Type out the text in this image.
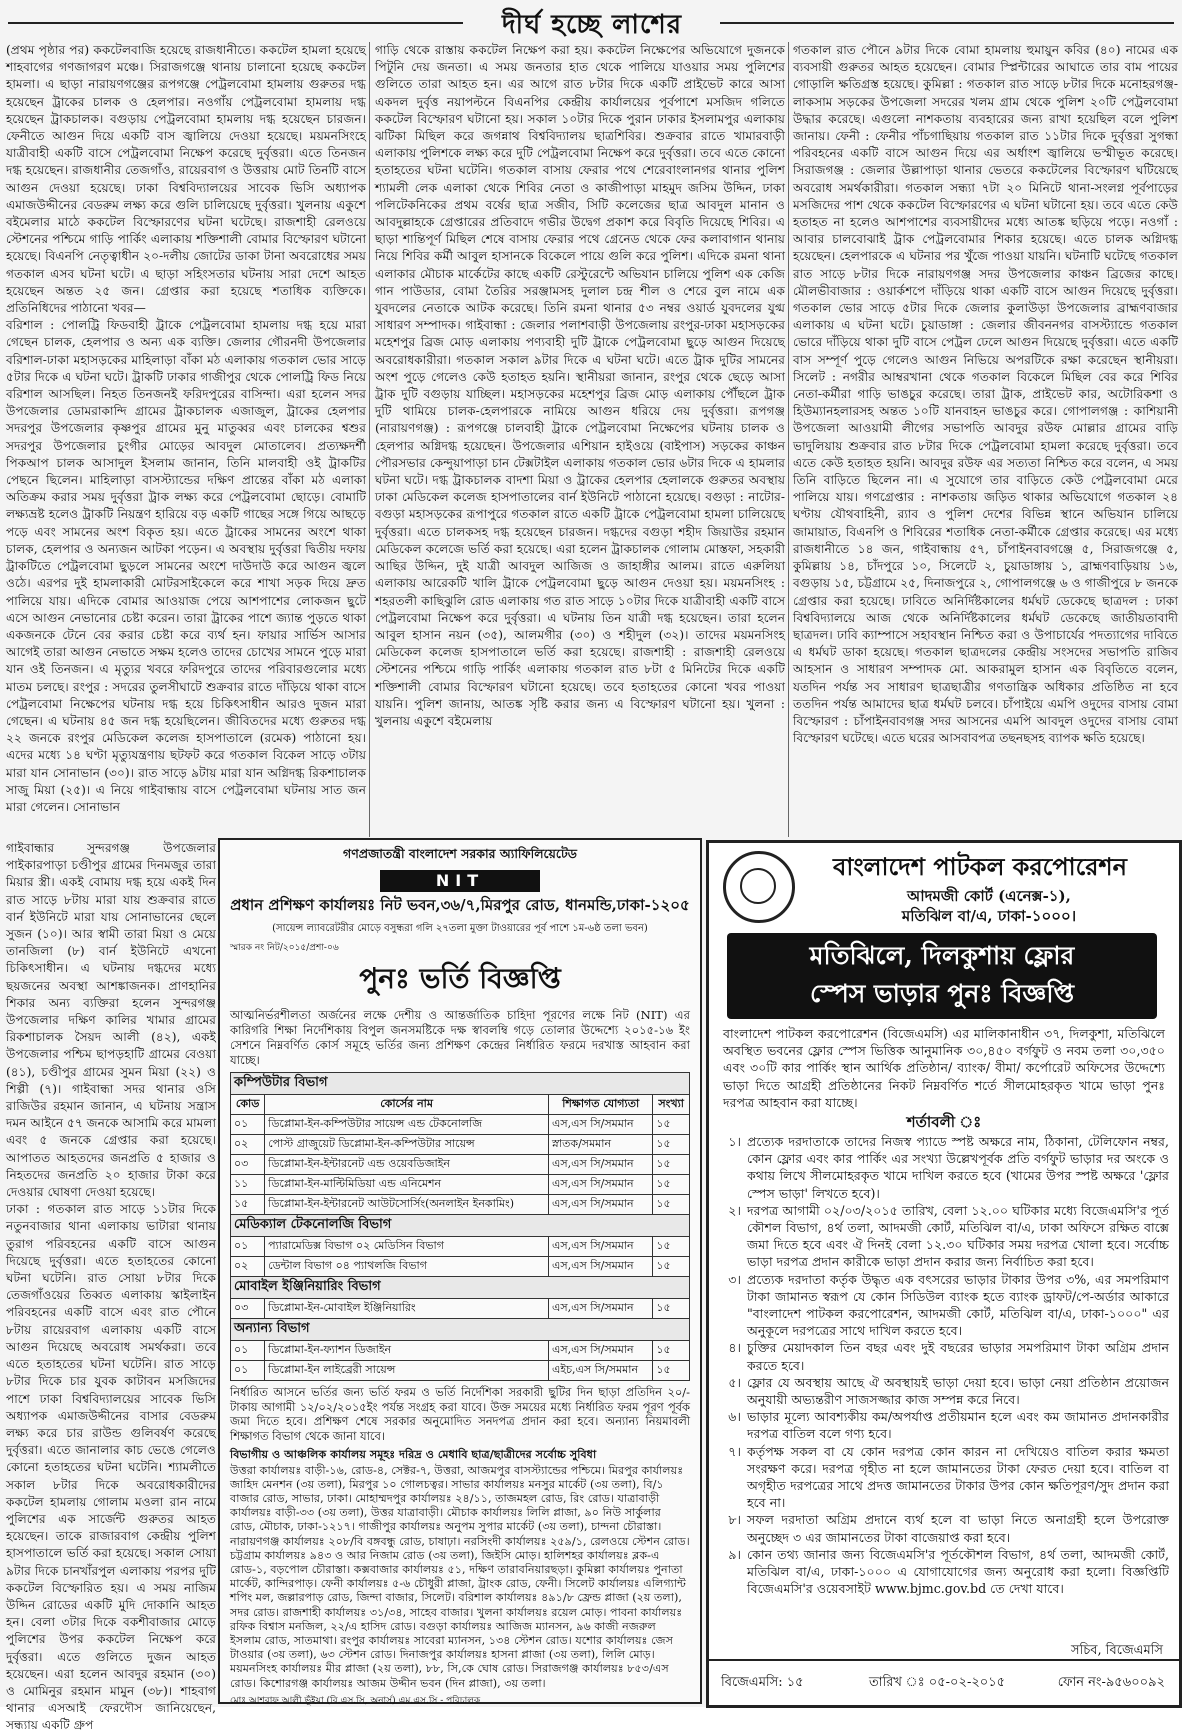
দীর্ঘ হচ্ছে লাশের

(প্রথম পৃষ্ঠার পর) ককটেলবাজি হয়েছে রাজধানীতে। ককটেল হামলা হয়েছে শাহবাগের গণজাগরণ মঞ্চে। সিরাজগঞ্জে থানায় চালানো হয়েছে ককটেল হামলা। এ ছাড়া নারায়ণগঞ্জের রূপগঞ্জে পেট্রলবোমা হামলায় গুরুতর দগ্ধ হয়েছেন ট্রাকের চালক ও হেলপার। নওগাঁয় পেট্রলবোমা হামলায় দগ্ধ হয়েছেন ট্রাকচালক। বগুড়ায় পেট্রলবোমা হামলায় দগ্ধ হয়েছেন চারজন। ফেনীতে আগুন দিয়ে একটি বাস জ্বালিয়ে দেওয়া হয়েছে। ময়মনসিংহে যাত্রীবাহী একটি বাসে পেট্রলবোমা নিক্ষেপ করেছে দুর্বৃত্তরা। এতে তিনজন দগ্ধ হয়েছেন। রাজধানীর তেজগাঁও, রায়েরবাগ ও উত্তরায় মোট তিনটি বাসে আগুন দেওয়া হয়েছে। ঢাকা বিশ্ববিদ্যালয়ের সাবেক ভিসি অধ্যাপক এমাজউদ্দীনের বেডরুম লক্ষ্য করে গুলি চালিয়েছে দুর্বৃত্তরা। খুলনায় একুশে বইমেলার মাঠে ককটেল বিস্ফোরণের ঘটনা ঘটেছে। রাজশাহী রেলওয়ে স্টেশনের পশ্চিমে গাড়ি পার্কিং এলাকায় শক্তিশালী বোমার বিস্ফোরণ ঘটানো হয়েছে। বিএনপি নেতৃত্বাধীন ২০-দলীয় জোটের ডাকা টানা অবরোধের সময় গতকাল এসব ঘটনা ঘটে। এ ছাড়া সহিংসতার ঘটনায় সারা দেশে আহত হয়েছেন অন্তত ২৫ জন। গ্রেপ্তার করা হয়েছে শতাধিক ব্যক্তিকে। প্রতিনিধিদের পাঠানো খবর—

বরিশাল : পোলট্রি ফিডবাহী ট্রাকে পেট্রলবোমা হামলায় দগ্ধ হয়ে মারা গেছেন চালক, হেলপার ও অন্য এক ব্যক্তি। জেলার গৌরনদী উপজেলার বরিশাল-ঢাকা মহাসড়কের মাহিলাড়া বাঁকা মঠ এলাকায় গতকাল ভোর সাড়ে ৫টার দিকে এ ঘটনা ঘটে। ট্রাকটি ঢাকার গাজীপুর থেকে পোলট্রি ফিড নিয়ে বরিশাল আসছিল। নিহত তিনজনই ফরিদপুরের বাসিন্দা। এরা হলেন সদর উপজেলার ডোমরাকান্দি গ্রামের ট্রাকচালক এজাজুল, ট্রাকের হেলপার সদরপুর উপজেলার কৃষ্ণপুর গ্রামের মুনু মাতুব্বর এবং চালকের শ্বশুর সদরপুর উপজেলার চুংগীর মোড়ের আবদুল মোতালেব। প্রত্যক্ষদর্শী পিকআপ চালক আসাদুল ইসলাম জানান, তিনি মালবাহী ওই ট্রাকটির পেছনে ছিলেন। মাহিলাড়া বাসস্ট্যান্ডের দক্ষিণ প্রান্তের বাঁকা মঠ এলাকা অতিক্রম করার সময় দুর্বৃত্তরা ট্রাক লক্ষ্য করে পেট্রলবোমা ছোড়ে। বোমাটি লক্ষ্যভ্রষ্ট হলেও ট্রাকটি নিয়ন্ত্রণ হারিয়ে বড় একটি গাছের সঙ্গে গিয়ে আছড়ে পড়ে এবং সামনের অংশ বিকৃত হয়। এতে ট্রাকের সামনের অংশে থাকা চালক, হেলপার ও অন্যজন আটকা পড়েন। এ অবস্থায় দুর্বৃত্তরা দ্বিতীয় দফায় ট্রাকটিতে পেট্রলবোমা ছুড়লে সামনের অংশে দাউদাউ করে আগুন জ্বলে ওঠে। এরপর দুই হামলাকারী মোটরসাইকেলে করে শাখা সড়ক দিয়ে দ্রুত পালিয়ে যায়। এদিকে বোমার আওয়াজ পেয়ে আশপাশের লোকজন ছুটে এসে আগুন নেভানোর চেষ্টা করেন। তারা ট্রাকের পাশে জ্যান্ত পুড়তে থাকা একজনকে টেনে বের করার চেষ্টা করে ব্যর্থ হন। ফায়ার সার্ভিস আসার আগেই তারা আগুন নেভাতে সক্ষম হলেও তাদের চোখের সামনে পুড়ে মারা যান ওই তিনজন। এ মৃত্যুর খবরে ফরিদপুরে তাদের পরিবারগুলোর মধ্যে মাতম চলছে। রংপুর : সদরের তুলসীঘাটে শুক্রবার রাতে দাঁড়িয়ে থাকা বাসে পেট্রলবোমা নিক্ষেপের ঘটনায় দগ্ধ হয়ে চিকিৎসাধীন আরও দুজন মারা গেছেন। এ ঘটনায় ৪৫ জন দগ্ধ হয়েছিলেন। জীবিতদের মধ্যে গুরুতর দগ্ধ ২২ জনকে রংপুর মেডিকেল কলেজ হাসপাতালে (রমেক) পাঠানো হয়। এদের মধ্যে ১৪ ঘণ্টা মৃত্যুযন্ত্রণায় ছটফট করে গতকাল বিকেল সাড়ে ৩টায় মারা যান সোনাভান (৩০)। রাত সাড়ে ৯টায় মারা যান অগ্নিদগ্ধ রিকশাচালক সাজু মিয়া (২৫)। এ নিয়ে গাইবান্ধায় বাসে পেট্রলবোমা ঘটনায় সাত জন মারা গেলেন। সোনাভান

গাড়ি থেকে রাস্তায় ককটেল নিক্ষেপ করা হয়। ককটেল নিক্ষেপের অভিযোগে দুজনকে পিটুনি দেয় জনতা। এ সময় জনতার হাত থেকে পালিয়ে যাওয়ার সময় পুলিশের গুলিতে তারা আহত হন। এর আগে রাত ৮টার দিকে একটি প্রাইভেট কারে আসা একদল দুর্বৃত্ত নয়াপল্টনে বিএনপির কেন্দ্রীয় কার্যালয়ের পূর্বপাশে মসজিদ গলিতে ককটেল বিস্ফোরণ ঘটানো হয়। সকাল ১০টার দিকে পুরান ঢাকার ইসলামপুর এলাকায় ঝটিকা মিছিল করে জগন্নাথ বিশ্ববিদ্যালয় ছাত্রশিবির। শুক্রবার রাতে খামারবাড়ী এলাকায় পুলিশকে লক্ষ্য করে দুটি পেট্রলবোমা নিক্ষেপ করে দুর্বৃত্তরা। তবে এতে কোনো হতাহতের ঘটনা ঘটেনি। গতকাল বাসায় ফেরার পথে শেরেবাংলানগর থানার পুলিশ শ্যামলী লেক এলাকা থেকে শিবির নেতা ও কাজীপাড়া মাহমুদ জসিম উদ্দিন, ঢাকা পলিটেকনিকের প্রথম বর্ষের ছাত্র সজীব, সিটি কলেজের ছাত্র আবদুল মানান ও আবদুল্লাহকে গ্রেপ্তারের প্রতিবাদে গভীর উদ্বেগ প্রকাশ করে বিবৃতি দিয়েছে শিবির। এ ছাড়া শান্তিপূর্ণ মিছিল শেষে বাসায় ফেরার পথে গ্রেনেড থেকে ফের কলাবাগান থানায় নিয়ে শিবির কর্মী আবুল হাসানকে বিকেলে পায়ে গুলি করে পুলিশ। এদিকে রমনা থানা এলাকার মৌচাক মার্কেটের কাছে একটি রেস্টুরেন্টে অভিযান চালিয়ে পুলিশ এক কেজি গান পাউডার, বোমা তৈরির সরঞ্জামসহ দুলাল চন্দ্র শীল ও শেরে বুল নামে এক যুবদলের নেতাকে আটক করেছে। তিনি রমনা থানার ৫৩ নম্বর ওয়ার্ড যুবদলের যুগ্ম সাধারণ সম্পাদক। গাইবান্ধা : জেলার পলাশবাড়ী উপজেলায় রংপুর-ঢাকা মহাসড়কের মহেশপুর ব্রিজ মোড় এলাকায় পণ্যবাহী দুটি ট্রাকে পেট্রলবোমা ছুড়ে আগুন দিয়েছে অবরোধকারীরা। গতকাল সকাল ৯টার দিকে এ ঘটনা ঘটে। এতে ট্রাক দুটির সামনের অংশ পুড়ে গেলেও কেউ হতাহত হয়নি। স্থানীয়রা জানান, রংপুর থেকে ছেড়ে আসা ট্রাক দুটি বগুড়ায় যাচ্ছিল। মহাসড়কের মহেশপুর ব্রিজ মোড় এলাকায় পৌঁছলে ট্রাক দুটি থামিয়ে চালক-হেলপারকে নামিয়ে আগুন ধরিয়ে দেয় দুর্বৃত্তরা। রূপগঞ্জ (নারায়ণগঞ্জ) : রূপগঞ্জে চালবাহী ট্রাকে পেট্রলবোমা নিক্ষেপের ঘটনায় চালক ও হেলপার অগ্নিদগ্ধ হয়েছেন। উপজেলার এশিয়ান হাইওয়ে (বাইপাস) সড়কের কাঞ্চন পৌরসভার কেন্দুয়াপাড়া চান টেক্সটাইল এলাকায় গতকাল ভোর ৬টার দিকে এ হামলার ঘটনা ঘটে। দগ্ধ ট্রাকচালক বাদশা মিয়া ও ট্রাকের হেলপার হেলালকে গুরুতর অবস্থায় ঢাকা মেডিকেল কলেজ হাসপাতালের বার্ন ইউনিটে পাঠানো হয়েছে। বগুড়া : নাটোর-বগুড়া মহাসড়কের রূপাপুরে গতকাল রাতে একটি ট্রাকে পেট্রলবোমা হামলা চালিয়েছে দুর্বৃত্তরা। এতে চালকসহ দগ্ধ হয়েছেন চারজন। দগ্ধদের বগুড়া শহীদ জিয়াউর রহমান মেডিকেল কলেজে ভর্তি করা হয়েছে। এরা হলেন ট্রাকচালক গোলাম মোস্তফা, সহকারী আছির উদ্দিন, দুই যাত্রী আবদুল আজিজ ও জাহাঙ্গীর আলম। রাতে এরুলিয়া এলাকায় আরেকটি খালি ট্রাকে পেট্রলবোমা ছুড়ে আগুন দেওয়া হয়। ময়মনসিংহ : শহরতলী কাছিঝুলি রোড এলাকায় গত রাত সাড়ে ১০টার দিকে যাত্রীবাহী একটি বাসে পেট্রলবোমা নিক্ষেপ করে দুর্বৃত্তরা। এ ঘটনায় তিন যাত্রী দগ্ধ হয়েছেন। তারা হলেন আবুল হাসান নয়ন (৩৫), আলমগীর (৩০) ও শহীদুল (৩২)। তাদের ময়মনসিংহ মেডিকেল কলেজ হাসপাতালে ভর্তি করা হয়েছে। রাজশাহী : রাজশাহী রেলওয়ে স্টেশনের পশ্চিমে গাড়ি পার্কিং এলাকায় গতকাল রাত ৮টা ৫ মিনিটের দিকে একটি শক্তিশালী বোমার বিস্ফোরণ ঘটানো হয়েছে। তবে হতাহতের কোনো খবর পাওয়া যায়নি। পুলিশ জানায়, আতঙ্ক সৃষ্টি করার জন্য এ বিস্ফোরণ ঘটানো হয়। খুলনা : খুলনায় একুশে বইমেলায়

গতকাল রাত পৌনে ৯টার দিকে বোমা হামলায় হুমায়ুন কবির (৪০) নামের এক ব্যবসায়ী গুরুতর আহত হয়েছেন। বোমার স্প্লিন্টারের আঘাতে তার বাম পায়ের গোড়ালি ক্ষতিগ্রস্ত হয়েছে। কুমিল্লা : গতকাল রাত সাড়ে ৮টার দিকে মনোহরগঞ্জ-লাকসাম সড়কের উপজেলা সদরের খলম গ্রাম থেকে পুলিশ ২০টি পেট্রলবোমা উদ্ধার করেছে। এগুলো নাশকতায় ব্যবহারের জন্য রাখা হয়েছিল বলে পুলিশ জানায়। ফেনী : ফেনীর পাঁচগাছিয়ায় গতকাল রাত ১১টার দিকে দুর্বৃত্তরা সুগন্ধা পরিবহনের একটি বাসে আগুন দিয়ে এর অর্ধাংশ জ্বালিয়ে ভস্মীভূত করেছে। সিরাজগঞ্জ : জেলার উল্লাপাড়া থানার ভেতরে ককটেলের বিস্ফোরণ ঘটিয়েছে অবরোধ সমর্থকারীরা। গতকাল সন্ধ্যা ৭টা ২০ মিনিটে থানা-সংলগ্ন পূর্বপাড়ের মসজিদের পাশ থেকে ককটেল বিস্ফোরণের এ ঘটনা ঘটানো হয়। তবে এতে কেউ হতাহত না হলেও আশপাশের ব্যবসায়ীদের মধ্যে আতঙ্ক ছড়িয়ে পড়ে। নওগাঁ : আবার চালবোঝাই ট্রাক পেট্রলবোমার শিকার হয়েছে। এতে চালক অগ্নিদগ্ধ হয়েছেন। হেলপারকে এ ঘটনার পর খুঁজে পাওয়া যায়নি। ঘটনাটি ঘটেছে গতকাল রাত সাড়ে ৮টার দিকে নারায়ণগঞ্জ সদর উপজেলার কাঞ্চন ব্রিজের কাছে। মৌলভীবাজার : ওয়ার্কশপে দাঁড়িয়ে থাকা একটি বাসে আগুন দিয়েছে দুর্বৃত্তরা। গতকাল ভোর সাড়ে ৫টার দিকে জেলার কুলাউড়া উপজেলার ব্রাহ্মণবাজার এলাকায় এ ঘটনা ঘটে। চুয়াডাঙ্গা : জেলার জীবননগর বাসস্ট্যান্ডে গতকাল ভোরে দাঁড়িয়ে থাকা দুটি বাসে পেট্রল ঢেলে আগুন দিয়েছে দুর্বৃত্তরা। এতে একটি বাস সম্পূর্ণ পুড়ে গেলেও আগুন নিভিয়ে অপরটিকে রক্ষা করেছেন স্থানীয়রা। সিলেট : নগরীর আম্বরখানা থেকে গতকাল বিকেলে মিছিল বের করে শিবির নেতা-কর্মীরা গাড়ি ভাঙচুর করেছে। তারা ট্রাক, প্রাইভেট কার, অটোরিকশা ও হিউম্যানহলারসহ অন্তত ১০টি যানবাহন ভাঙচুর করে। গোপালগঞ্জ : কাশিয়ানী উপজেলা আওয়ামী লীগের সভাপতি আবদুর রউফ মোল্লার গ্রামের বাড়ি ভাদুলিয়ায় শুক্রবার রাত ৮টার দিকে পেট্রলবোমা হামলা করেছে দুর্বৃত্তরা। তবে এতে কেউ হতাহত হয়নি। আবদুর রউফ এর সত্যতা নিশ্চিত করে বলেন, এ সময় তিনি বাড়িতে ছিলেন না। এ সুযোগে তার বাড়িতে কেউ পেট্রলবোমা মেরে পালিয়ে যায়। গণগ্রেপ্তার : নাশকতায় জড়িত থাকার অভিযোগে গতকাল ২৪ ঘণ্টায় যৌথবাহিনী, র‌্যাব ও পুলিশ দেশের বিভিন্ন স্থানে অভিযান চালিয়ে জামায়াত, বিএনপি ও শিবিরের শতাধিক নেতা-কর্মীকে গ্রেপ্তার করেছে। এর মধ্যে রাজধানীতে ১৪ জন, গাইবান্ধায় ৫৭, চাঁপাইনবাবগঞ্জে ৫, সিরাজগঞ্জে ৫, কুমিল্লায় ১৪, চাঁদপুরে ১০, সিলেটে ২, চুয়াডাঙ্গায় ১, ব্রাহ্মণবাড়িয়ায় ১৬, বগুড়ায় ১৫, চট্টগ্রামে ২৫, দিনাজপুরে ২, গোপালগঞ্জে ৬ ও গাজীপুরে ৮ জনকে গ্রেপ্তার করা হয়েছে। ঢাবিতে অনির্দিষ্টকালের ধর্মঘট ডেকেছে ছাত্রদল : ঢাকা বিশ্ববিদ্যালয়ে আজ থেকে অনির্দিষ্টকালের ধর্মঘট ডেকেছে জাতীয়তাবাদী ছাত্রদল। ঢাবি ক্যাম্পাসে সহাবস্থান নিশ্চিত করা ও উপাচার্যের পদত্যাগের দাবিতে এ ধর্মঘট ডাকা হয়েছে। গতকাল ছাত্রদলের কেন্দ্রীয় সংসদের সভাপতি রাজিব আহসান ও সাধারণ সম্পাদক মো. আকরামুল হাসান এক বিবৃতিতে বলেন, যতদিন পর্যন্ত সব সাধারণ ছাত্রছাত্রীর গণতান্ত্রিক অধিকার প্রতিষ্ঠিত না হবে ততদিন পর্যন্ত আমাদের ছাত্র ধর্মঘট চলবে। চাঁপাইয়ে এমপি ওদুদের বাসায় বোমা বিস্ফোরণ : চাঁপাইনবাবগঞ্জ সদর আসনের এমপি আবদুল ওদুদের বাসায় বোমা বিস্ফোরণ ঘটেছে। এতে ঘরের আসবাবপত্র তছনছসহ ব্যাপক ক্ষতি হয়েছে।

গাইবান্ধার সুন্দরগঞ্জ উপজেলার পাইকারপাড়া চণ্ডীপুর গ্রামের দিনমজুর তারা মিয়ার স্ত্রী। একই বোমায় দগ্ধ হয়ে একই দিন রাত সাড়ে ৮টায় মারা যায় শুক্রবার রাতে বার্ন ইউনিটে মারা যায় সোনাভানের ছেলে সুজন (১০)। আর স্বামী তারা মিয়া ও মেয়ে তানজিলা (৮) বার্ন ইউনিটে এখনো চিকিৎসাধীন। এ ঘটনায় দগ্ধদের মধ্যে ছয়জনের অবস্থা আশঙ্কাজনক। প্রাণহানির শিকার অন্য ব্যক্তিরা হলেন সুন্দরগঞ্জ উপজেলার দক্ষিণ কালির খামার গ্রামের রিকশাচালক সৈয়দ আলী (৪২), একই উপজেলার পশ্চিম ছাপড়হাটি গ্রামের বেওয়া (৪১), চণ্ডীপুর গ্রামের সুমন মিয়া (২২) ও শিল্পী (৭)। গাইবান্ধা সদর থানার ওসি রাজিউর রহমান জানান, এ ঘটনায় সন্ত্রাস দমন আইনে ৫৭ জনকে আসামি করে মামলা এবং ৫ জনকে গ্রেপ্তার করা হয়েছে। আপাতত আহতদের জনপ্রতি ৫ হাজার ও নিহতদের জনপ্রতি ২০ হাজার টাকা করে দেওয়ার ঘোষণা দেওয়া হয়েছে।

ঢাকা : গতকাল রাত সাড়ে ১১টার দিকে নতুনবাজার থানা এলাকায় ভাটারা থানায় তুরাগ পরিবহনের একটি বাসে আগুন দিয়েছে দুর্বৃত্তরা। এতে হতাহতের কোনো ঘটনা ঘটেনি। রাত সোয়া ৮টার দিকে তেজগাঁওয়ের তিব্বত এলাকায় স্কাইলাইন পরিবহনের একটি বাসে এবং রাত পৌনে ৮টায় রায়েরবাগ এলাকায় একটি বাসে আগুন দিয়েছে অবরোধ সমর্থকরা। তবে এতে হতাহতের ঘটনা ঘটেনি। রাত সাড়ে ৮টার দিকে চার যুবক কাটাবন মসজিদের পাশে ঢাকা বিশ্ববিদ্যালয়ের সাবেক ভিসি অধ্যাপক এমাজউদ্দীনের বাসার বেডরুম লক্ষ্য করে চার রাউন্ড গুলিবর্ষণ করেছে দুর্বৃত্তরা। এতে জানালার কাচ ভেঙে গেলেও কোনো হতাহতের ঘটনা ঘটেনি। শ্যামলীতে সকাল ৮টার দিকে অবরোধকারীদের ককটেল হামলায় গোলাম মওলা রান নামে পুলিশের এক সার্জেন্ট গুরুতর আহত হয়েছেন। তাকে রাজারবাগ কেন্দ্রীয় পুলিশ হাসপাতালে ভর্তি করা হয়েছে। সকাল সোয়া ৯টার দিকে চানখাঁরপুল এলাকায় পরপর দুটি ককটেল বিস্ফোরিত হয়। এ সময় নাজিম উদ্দিন রোডের একটি মুদি দোকানি আহত হন। বেলা ৩টার দিকে বকশীবাজার মোড়ে পুলিশের উপর ককটেল নিক্ষেপ করে দুর্বৃত্তরা। এতে গুলিতে দুজন আহত হয়েছেন। এরা হলেন আবদুর রহমান (৩০) ও মোমিনুর রহমান মামুন (৩৮)। শাহবাগ থানার এসআই ফেরদৌস জানিয়েছেন, সন্ধ্যায় একটি গ্রুপ

গণপ্রজাতন্ত্রী বাংলাদেশ সরকার অ্যাফিলিয়েটেড
NIT
প্রধান প্রশিক্ষণ কার্যালয়ঃ নিট ভবন,৩৬/৭,মিরপুর রোড, ধানমন্ডি,ঢাকা-১২০৫
(সায়েন্স ল্যাবরেটরীর মোড়ে বসুন্ধরা গলি ২৭তলা মুক্তা টাওয়ারের পূর্ব পাশে ১ম-৬ষ্ঠ তলা ভবন)
স্মারক নং নিট/২০১৫/প্রশা-০৬
পুনঃ ভর্তি বিজ্ঞপ্তি
আত্মনির্ভরশীলতা অর্জনের লক্ষে দেশীয় ও আন্তর্জাতিক চাহিদা পূরণের লক্ষে নিট (NIT) এর কারিগরি শিক্ষা নির্দেশিকায় বিপুল জনসমষ্টিকে দক্ষ স্বাবলম্বি গড়ে তোলার উদ্দেশ্যে ২০১৫-১৬ ইং সেশনে নিম্নবর্ণিত কোর্স সমূহে ভর্তির জন্য প্রশিক্ষণ কেন্দ্রের নির্ধারিত ফরমে দরখাস্ত আহবান করা যাচ্ছে।
কম্পিউটার বিভাগ			
কোড	কোর্সের নাম	শিক্ষাগত যোগ্যতা	সংখ্যা
০১	ডিপ্লোমা-ইন-কম্পিউটার সায়েন্স এন্ড টেকনোলজি	এস,এস সি/সমমান	১৫
০২	পোস্ট গ্রাজুয়েট ডিপ্লোমা-ইন-কম্পিউটার সায়েন্স	স্নাতক/সমমান	১৫
০৩	ডিপ্লোমা-ইন-ইন্টারনেট এন্ড ওয়েবডিজাইন	এস,এস সি/সমমান	১৫
১১	ডিপ্লোমা-ইন-মাল্টিমিডিয়া এন্ড এনিমেশন	এস,এস সি/সমমান	১৫
১৫	ডিপ্লোমা-ইন-ইন্টারনেট আউটসোর্সিং(অনলাইন ইনকামিং)	এস,এস সি/সমমান	১৫
মেডিক্যাল টেকনোলজি বিভাগ			
০১	প্যারামেডিক্স বিভাগ ০২ মেডিসিন বিভাগ	এস,এস সি/সমমান	১৫
০২	ডেন্টাল বিভাগ ০৪ প্যাথলজি বিভাগ	এস,এস সি/সমমান	১৫
মোবাইল ইঞ্জিনিয়ারিং বিভাগ			
০৩	ডিপ্লোমা-ইন-মোবাইল ইঞ্জিনিয়ারিং	এস,এস সি/সমমান	১৫
অন্যান্য বিভাগ			
০১	ডিপ্লোমা-ইন-ফ্যাশন ডিজাইন	এস,এস সি/সমমান	১৫
০১	ডিপ্লোমা-ইন লাইব্রেরী সায়েন্স	এইচ,এস সি/সমমান	১৫
নির্ধারিত আসনে ভর্তির জন্য ভর্তি ফরম ও ভর্তি নির্দেশিকা সরকারী ছুটির দিন ছাড়া প্রতিদিন ২০/-টাকায় আগামী ১২/০২/২০১৫ইং পর্যন্ত সংগ্রহ করা যাবে। উক্ত সময়ের মধ্যে নির্ধারিত ফরম পূরণ পূর্বক জমা দিতে হবে। প্রশিক্ষণ শেষে সরকার অনুমোদিত সনদপত্র প্রদান করা হবে। অন্যান্য নিয়মাবলী শিক্ষাগত বিভাগ থেকে জানা যাবে।
বিভাগীয় ও আঞ্চলিক কার্যালয় সমূহঃ দরিদ্র ও মেধাবি ছাত্র/ছাত্রীদের সর্বোচ্চ সুবিধা
উত্তরা কার্যালয়ঃ বাড়ী-১৬, রোড-৪, সেক্টর-৭, উত্তরা, আজমপুর বাসস্ট্যান্ডের পশ্চিমে। মিরপুর কার্যালয়ঃ জাহিদ মেনশন (৩য় তলা), মিরপুর ১০ গোলচত্বর। সাভার কার্যালয়ঃ মনসুর মার্কেট (৩য় তলা), বি/১ বাজার রোড, সাভার, ঢাকা। মোহাম্মদপুর কার্যালয়ঃ ২৪/১১, তাজমহল রোড, রিং রোড। যাত্রাবাড়ী কার্যালয়ঃ বাড়ী-৩৩ (৩য় তলা), উত্তর যাত্রাবাড়ী। মৌচাক কার্যালয়ঃ লিলি প্লাজা, ৯০ নিউ সার্কুলার রোড, মৌচাক, ঢাকা-১২১৭। গাজীপুর কার্যালয়ঃ অনুপম সুপার মার্কেট (৩য় তলা), চান্দনা চৌরাস্তা। নারায়ণগঞ্জ কার্যালয়ঃ ২০৮/বি বঙ্গবন্ধু রোড, চাষাঢ়া। নরসিংদী কার্যালয়ঃ ২৫৯/১, রেলওয়ে স্টেশন রোড। চট্টগ্রাম কার্যালয়ঃ ৯৪৩ ও আর নিজাম রোড (৩য় তলা), জিইসি মোড়। হালিশহর কার্যালয়ঃ ব্লক-এ রোড-১, বড়পোল চৌরাস্তা। কক্সবাজার কার্যালয়ঃ ৫১, দক্ষিণ তারাবনিয়ারছড়া। কুমিল্লা কার্যালয়ঃ পুনাতা মার্কেট, কান্দিরপাড়। ফেনী কার্যালয়ঃ ৫-৬ চৌধুরী প্লাজা, ট্রাংক রোড, ফেনী। সিলেট কার্যালয়ঃ এলিগ্যান্ট শপিং মল, জল্লারপাড় রোড, জিন্দা বাজার, সিলেট। বরিশাল কার্যালয়ঃ ৪৯১/৮ ফ্রেন্ড প্লাজা (২য় তলা), সদর রোড। রাজশাহী কার্যালয়ঃ ৩১/৩৪, সাহেব বাজার। খুলনা কার্যালয়ঃ রয়েল মোড়। পাবনা কার্যালয়ঃ রফিক বিশ্বাস মনজিল, ২২/এ হাসিদ রোড। বগুড়া কার্যালয়ঃ আজিজ ম্যানসন, ৯৬ কাজী নজরুল ইসলাম রোড, সাতমাথা। রংপুর কার্যালয়ঃ সাবেরা ম্যানসন, ১৩৪ স্টেশন রোড। যশোর কার্যালয়ঃ জেস টাওয়ার (৩য় তলা), ৬৩ স্টেশন রোড। দিনাজপুর কার্যালয়ঃ হাসনা প্লাজা (৩য় তলা), লিলি মোড়। ময়মনসিংহ কার্যালয়ঃ মীর প্লাজা (২য় তলা), ৮৮, সি,কে ঘোষ রোড। সিরাজগঞ্জ কার্যালয়ঃ ৮৫৩/এস রোড। কিশোরগঞ্জ কার্যালয়ঃ আজম উদ্দীন ভবন (দিন প্লাজা), ৩য় তলা।
মোঃ আশরাফ আলী ভূঁইয়া (বি.এস.সি, অনার্স) এম.এস.সি - পরিচালক
বাংলাদেশ পাটকল করপোরেশন
আদমজী কোর্ট (এনেক্স-১),
মতিঝিল বা/এ, ঢাকা-১০০০।
মতিঝিলে, দিলকুশায় ফ্লোর
স্পেস ভাড়ার পুনঃ বিজ্ঞপ্তি
বাংলাদেশ পাটকল করপোরেশন (বিজেএমসি) এর মালিকানাধীন ৩৭, দিলকুশা, মতিঝিলে অবস্থিত ভবনের ফ্লোর স্পেস ভিত্তিক আনুমানিক ৩০,৪৫০ বর্গফুট ও নবম তলা ৩০,৩৫০ এবং ৩০টি কার পার্কিং স্থান আর্থিক প্রতিষ্ঠান/ ব্যাংক/ বীমা/ কর্পোরেট অফিসের উদ্দেশ্যে ভাড়া দিতে আগ্রহী প্রতিষ্ঠানের নিকট নিম্নবর্ণিত শর্তে সীলমোহরকৃত খামে ভাড়া পুনঃ দরপত্র আহবান করা যাচ্ছে।
শর্তাবলী ঃ
১। প্রত্যেক দরদাতাকে তাদের নিজস্ব প্যাডে স্পষ্ট অক্ষরে নাম, ঠিকানা, টেলিফোন নম্বর, কোন ফ্লোর এবং কার পার্কিং এর সংখ্যা উল্লেখপূর্বক প্রতি বর্গফুট ভাড়ার দর অংকে ও কথায় লিখে সীলমোহরকৃত খামে দাখিল করতে হবে (খামের উপর স্পষ্ট অক্ষরে 'ফ্লোর স্পেস ভাড়া' লিখতে হবে)।
২। দরপত্র আগামী ০২/০৩/২০১৫ তারিখ, বেলা ১২.০০ ঘটিকার মধ্যে বিজেএমসি'র পূর্ত কৌশল বিভাগ, ৪র্থ তলা, আদমজী কোর্ট, মতিঝিল বা/এ, ঢাকা অফিসে রক্ষিত বাক্সে জমা দিতে হবে এবং ঐ দিনই বেলা ১২.৩০ ঘটিকার সময় দরপত্র খোলা হবে। সর্বোচ্চ ভাড়া দরপত্র প্রদান কারীকে ভাড়া প্রদান করার জন্য নির্বাচিত করা হবে।
৩। প্রত্যেক দরদাতা কর্তৃক উদ্ধৃত এক বৎসরের ভাড়ার টাকার উপর ৩%, এর সমপরিমাণ টাকা জামানত স্বরূপ যে কোন সিডিউল ব্যাংক হতে ব্যাংক ড্রাফট/পে-অর্ডার আকারে "বাংলাদেশ পাটকল করপোরেশন, আদমজী কোর্ট, মতিঝিল বা/এ, ঢাকা-১০০০" এর অনুকূলে দরপত্রের সাথে দাখিল করতে হবে।
৪। চুক্তির মেয়াদকাল তিন বছর এবং দুই বছরের ভাড়ার সমপরিমাণ টাকা অগ্রিম প্রদান করতে হবে।
৫। ফ্লোর যে অবস্থায় আছে ঐ অবস্থায়ই ভাড়া দেয়া হবে। ভাড়া নেয়া প্রতিষ্ঠান প্রয়োজন অনুযায়ী অভ্যন্তরীণ সাজসজ্জার কাজ সম্পন্ন করে নিবে।
৬। ভাড়ার মূল্যে আবশ্যকীয় কম/অপর্যাপ্ত প্রতীয়মান হলে এবং কম জামানত প্রদানকারীর দরপত্র বাতিল বলে গণ্য হবে।
৭। কর্তৃপক্ষ সকল বা যে কোন দরপত্র কোন কারন না দেখিয়েও বাতিল করার ক্ষমতা সংরক্ষণ করে। দরপত্র গৃহীত না হলে জামানতের টাকা ফেরত দেয়া হবে। বাতিল বা অগৃহীত দরপত্রের সাথে প্রদত্ত জামানতের টাকার উপর কোন ক্ষতিপূরণ/সুদ প্রদান করা হবে না।
৮। সফল দরদাতা অগ্রিম প্রদানে ব্যর্থ হলে বা ভাড়া নিতে অনাগ্রহী হলে উপরোক্ত অনুচ্ছেদ ৩ এর জামানতের টাকা বাজেয়াপ্ত করা হবে।
৯। কোন তথ্য জানার জন্য বিজেএমসি'র পূর্তকৌশল বিভাগ, ৪র্থ তলা, আদমজী কোর্ট, মতিঝিল বা/এ, ঢাকা-১০০০ এ যোগাযোগের জন্য অনুরোধ করা হলো। বিজ্ঞপ্তিটি বিজেএমসি'র ওয়েবসাইট www.bjmc.gov.bd তে দেখা যাবে।
সচিব, বিজেএমসি
বিজেএমসি: ১৫	তারিখ ঃ ০৫-০২-২০১৫	ফোন নং-৯৫৬০০৯২
